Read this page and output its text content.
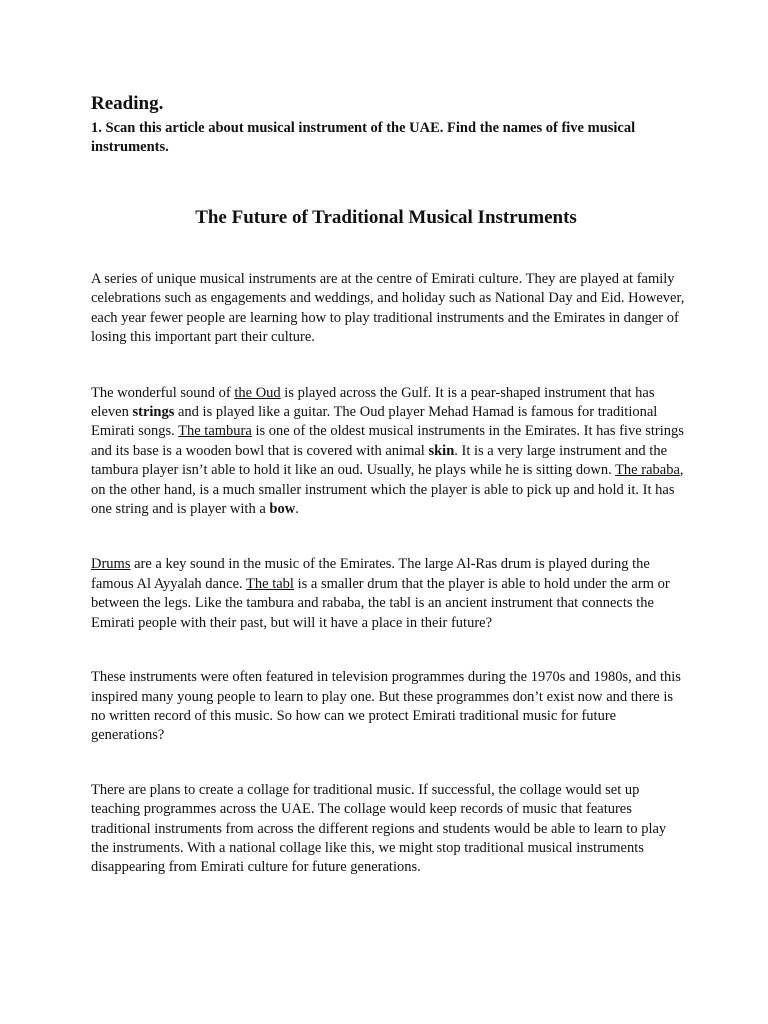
Reading.
1. Scan this article about musical instrument of the UAE. Find the names of five musical instruments.
The Future of Traditional Musical Instruments

A series of unique musical instruments are at the centre of Emirati culture. They are played at family celebrations such as engagements and weddings, and holiday such as National Day and Eid. However, each year fewer people are learning how to play traditional instruments and the Emirates in danger of losing this important part their culture.

The wonderful sound of the Oud is played across the Gulf. It is a pear-shaped instrument that has eleven strings and is played like a guitar. The Oud player Mehad Hamad is famous for traditional Emirati songs. The tambura is one of the oldest musical instruments in the Emirates. It has five strings and its base is a wooden bowl that is covered with animal skin. It is a very large instrument and the tambura player isn’t able to hold it like an oud. Usually, he plays while he is sitting down. The rababa, on the other hand, is a much smaller instrument which the player is able to pick up and hold it. It has one string and is player with a bow.

Drums are a key sound in the music of the Emirates. The large Al-Ras drum is played during the famous Al Ayyalah dance. The tabl is a smaller drum that the player is able to hold under the arm or between the legs. Like the tambura and rababa, the tabl is an ancient instrument that connects the Emirati people with their past, but will it have a place in their future?

These instruments were often featured in television programmes during the 1970s and 1980s, and this inspired many young people to learn to play one. But these programmes don’t exist now and there is no written record of this music. So how can we protect Emirati traditional music for future generations?

There are plans to create a collage for traditional music. If successful, the collage would set up teaching programmes across the UAE. The collage would keep records of music that features traditional instruments from across the different regions and students would be able to learn to play the instruments. With a national collage like this, we might stop traditional musical instruments disappearing from Emirati culture for future generations.
